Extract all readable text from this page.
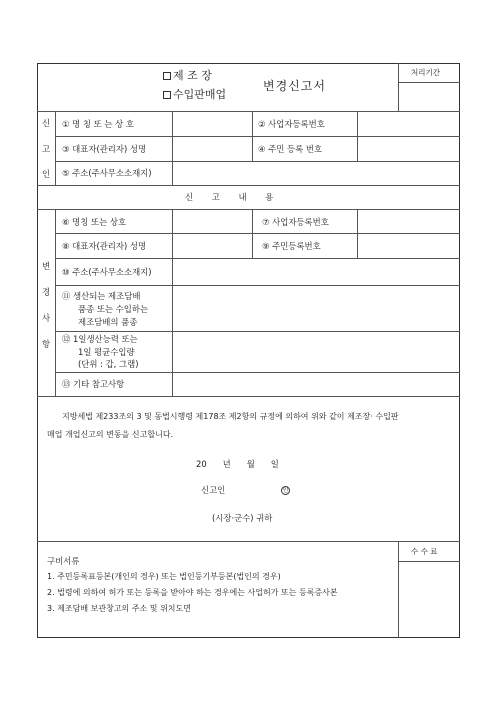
제 조 장
수입판매업
변경신고서
처리기간
신
고
인
① 명 칭 또 는 상 호	② 사업자등록번호
③ 대표자(관리자) 성명	④ 주민 등록 번호
⑤ 주소(주사무소소재지)
신 고 내 용
변
경
사
항
⑥ 명칭 또는 상호	⑦ 사업자등록번호
⑧ 대표자(관리자) 성명	⑨ 주민등록번호
⑩ 주소(주사무소소재지)
⑪ 생산되는 제조담배
품종 또는 수입하는
제조담배의 품종
⑫ 1일생산능력 또는
1일 평균수입량
(단위 : 갑, 그램)
⑬ 기타 참고사항
지방세법 제233조의 3 및 동법시행령 제178조 제2항의 규정에 의하여 위와 같이 제조장· 수입판
매업 개업신고의 변동을 신고합니다.
20      년      월      일
신고인	인
(시장·군수) 귀하
수 수 료
구비서류
1. 주민등록표등본(개인의 경우) 또는 법인등기부등본(법인의 경우)
2. 법령에 의하여 허가 또는 등록을 받아야 하는 경우에는 사업허가 또는 등록증사본
3. 제조담배 보관창고의 주소 및 위치도면
